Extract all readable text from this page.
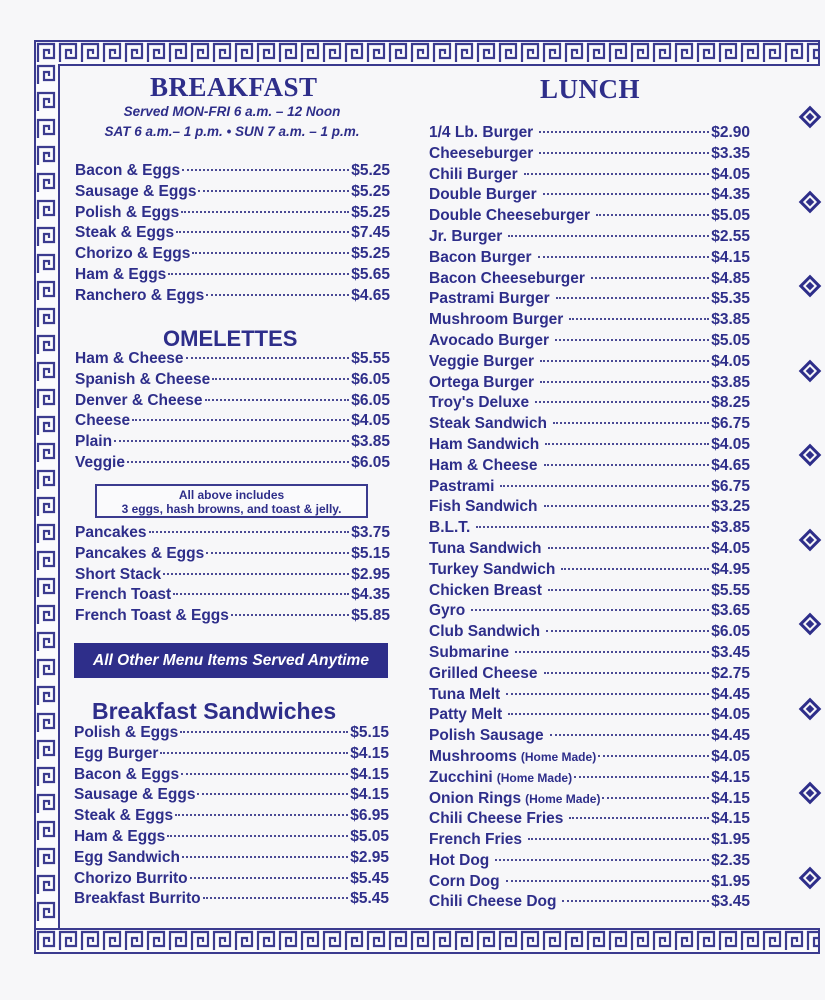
BREAKFAST
Served MON-FRI 6 a.m. – 12 Noon
SAT 6 a.m.– 1 p.m. • SUN 7 a.m. – 1 p.m.
Bacon & Eggs	$5.25
Sausage & Eggs	$5.25
Polish & Eggs	$5.25
Steak & Eggs	$7.45
Chorizo & Eggs	$5.25
Ham & Eggs	$5.65
Ranchero & Eggs	$4.65
OMELETTES
Ham & Cheese	$5.55
Spanish & Cheese	$6.05
Denver & Cheese	$6.05
Cheese	$4.05
Plain	$3.85
Veggie	$6.05
All above includes
3 eggs, hash browns, and toast & jelly.
Pancakes	$3.75
Pancakes & Eggs	$5.15
Short Stack	$2.95
French Toast	$4.35
French Toast & Eggs	$5.85
All Other Menu Items Served Anytime
Breakfast Sandwiches
Polish & Eggs	$5.15
Egg Burger	$4.15
Bacon & Eggs	$4.15
Sausage & Eggs	$4.15
Steak & Eggs	$6.95
Ham & Eggs	$5.05
Egg Sandwich	$2.95
Chorizo Burrito	$5.45
Breakfast Burrito	$5.45
LUNCH
1/4 Lb. Burger	$2.90
Cheeseburger	$3.35
Chili Burger	$4.05
Double Burger	$4.35
Double Cheeseburger	$5.05
Jr. Burger	$2.55
Bacon Burger	$4.15
Bacon Cheeseburger	$4.85
Pastrami Burger	$5.35
Mushroom Burger	$3.85
Avocado Burger	$5.05
Veggie Burger	$4.05
Ortega Burger	$3.85
Troy's Deluxe	$8.25
Steak Sandwich	$6.75
Ham Sandwich	$4.05
Ham & Cheese	$4.65
Pastrami	$6.75
Fish Sandwich	$3.25
B.L.T.	$3.85
Tuna Sandwich	$4.05
Turkey Sandwich	$4.95
Chicken Breast	$5.55
Gyro	$3.65
Club Sandwich	$6.05
Submarine	$3.45
Grilled Cheese	$2.75
Tuna Melt	$4.45
Patty Melt	$4.05
Polish Sausage	$4.45
Mushrooms (Home Made)	$4.05
Zucchini (Home Made)	$4.15
Onion Rings (Home Made)	$4.15
Chili Cheese Fries	$4.15
French Fries	$1.95
Hot Dog	$2.35
Corn Dog	$1.95
Chili Cheese Dog	$3.45
